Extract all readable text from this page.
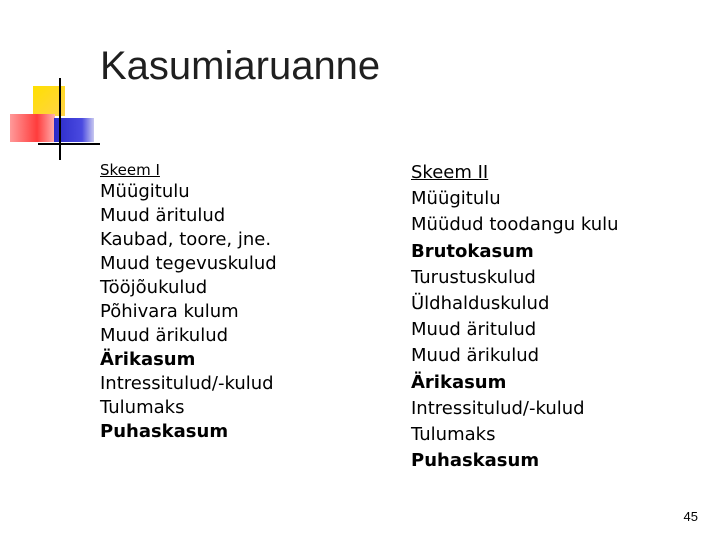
Kasumiaruanne
Skeem I
Müügitulu
Muud äritulud
Kaubad, toore, jne.
Muud tegevuskulud
Tööjõukulud
Põhivara kulum
Muud ärikulud
Ärikasum
Intressitulud/-kulud
Tulumaks
Puhaskasum
Skeem II
Müügitulu
Müüdud toodangu kulu
Brutokasum
Turustuskulud
Üldhalduskulud
Muud äritulud
Muud ärikulud
Ärikasum
Intressitulud/-kulud
Tulumaks
Puhaskasum
45
